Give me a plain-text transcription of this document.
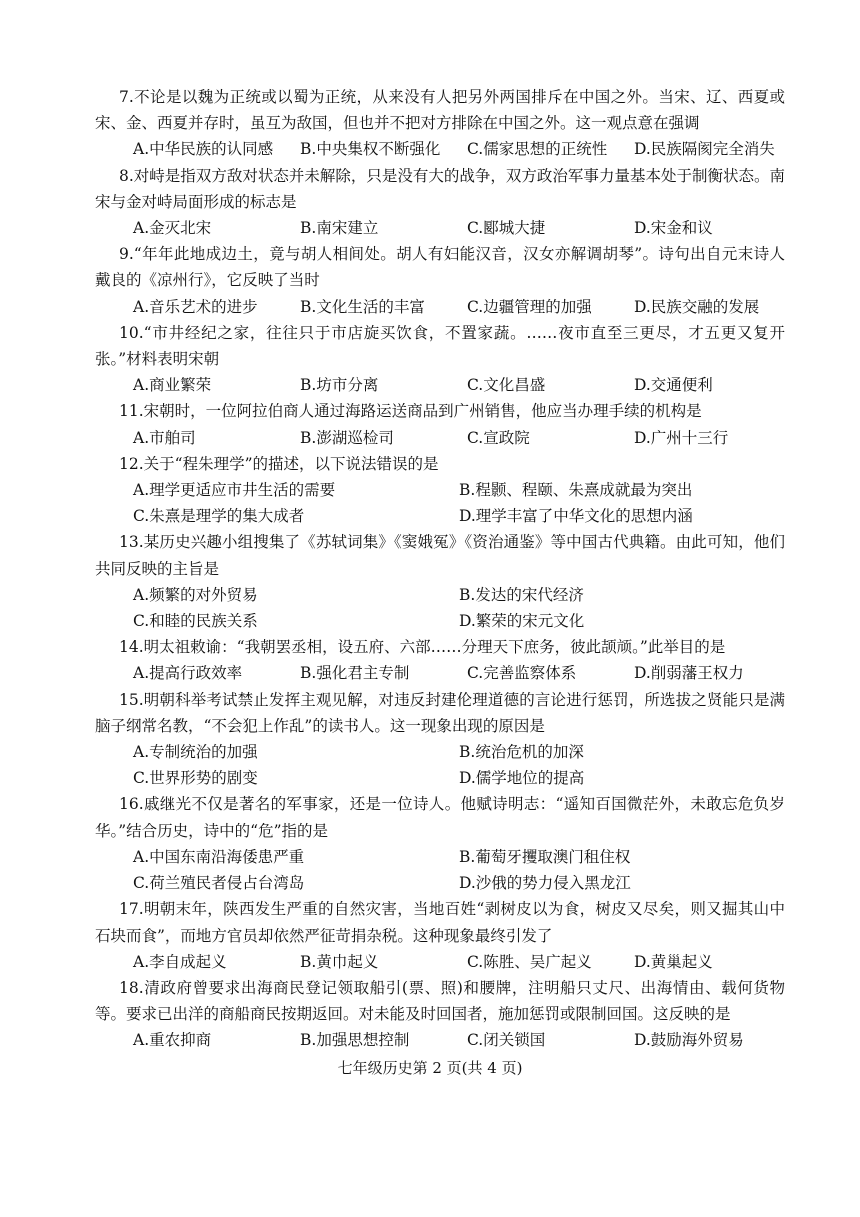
7.不论是以魏为正统或以蜀为正统，从来没有人把另外两国排斥在中国之外。当宋、辽、西夏或宋、金、西夏并存时，虽互为敌国，但也并不把对方排除在中国之外。这一观点意在强调

A.中华民族的认同感	B.中央集权不断强化	C.儒家思想的正统性	D.民族隔阂完全消失

8.对峙是指双方敌对状态并未解除，只是没有大的战争，双方政治军事力量基本处于制衡状态。南宋与金对峙局面形成的标志是

A.金灭北宋	B.南宋建立	C.郾城大捷	D.宋金和议

9.“年年此地成边土，竟与胡人相间处。胡人有妇能汉音，汉女亦解调胡琴”。诗句出自元末诗人戴良的《凉州行》，它反映了当时

A.音乐艺术的进步	B.文化生活的丰富	C.边疆管理的加强	D.民族交融的发展

10.“市井经纪之家，往往只于市店旋买饮食，不置家蔬。……夜市直至三更尽，才五更又复开张。”材料表明宋朝

A.商业繁荣	B.坊市分离	C.文化昌盛	D.交通便利

11.宋朝时，一位阿拉伯商人通过海路运送商品到广州销售，他应当办理手续的机构是

A.市舶司	B.澎湖巡检司	C.宣政院	D.广州十三行

12.关于“程朱理学”的描述，以下说法错误的是

A.理学更适应市井生活的需要	B.程颢、程颐、朱熹成就最为突出
C.朱熹是理学的集大成者	D.理学丰富了中华文化的思想内涵

13.某历史兴趣小组搜集了《苏轼词集》《窦娥冤》《资治通鉴》等中国古代典籍。由此可知，他们共同反映的主旨是

A.频繁的对外贸易	B.发达的宋代经济
C.和睦的民族关系	D.繁荣的宋元文化

14.明太祖敕谕：“我朝罢丞相，设五府、六部……分理天下庶务，彼此颉颃。”此举目的是

A.提高行政效率	B.强化君主专制	C.完善监察体系	D.削弱藩王权力

15.明朝科举考试禁止发挥主观见解，对违反封建伦理道德的言论进行惩罚，所选拔之贤能只是满脑子纲常名教，“不会犯上作乱”的读书人。这一现象出现的原因是

A.专制统治的加强	B.统治危机的加深
C.世界形势的剧变	D.儒学地位的提高

16.戚继光不仅是著名的军事家，还是一位诗人。他赋诗明志：“遥知百国微茫外，未敢忘危负岁华。”结合历史，诗中的“危”指的是

A.中国东南沿海倭患严重	B.葡萄牙攫取澳门租住权
C.荷兰殖民者侵占台湾岛	D.沙俄的势力侵入黑龙江

17.明朝末年，陕西发生严重的自然灾害，当地百姓“剥树皮以为食，树皮又尽矣，则又掘其山中石块而食”，而地方官员却依然严征苛捐杂税。这种现象最终引发了

A.李自成起义	B.黄巾起义	C.陈胜、吴广起义	D.黄巢起义

18.清政府曾要求出海商民登记领取船引(票、照)和腰牌，注明船只丈尺、出海情由、载何货物等。要求已出洋的商船商民按期返回。对未能及时回国者，施加惩罚或限制回国。这反映的是

A.重农抑商	B.加强思想控制	C.闭关锁国	D.鼓励海外贸易
七年级历史第 2 页(共 4 页)
